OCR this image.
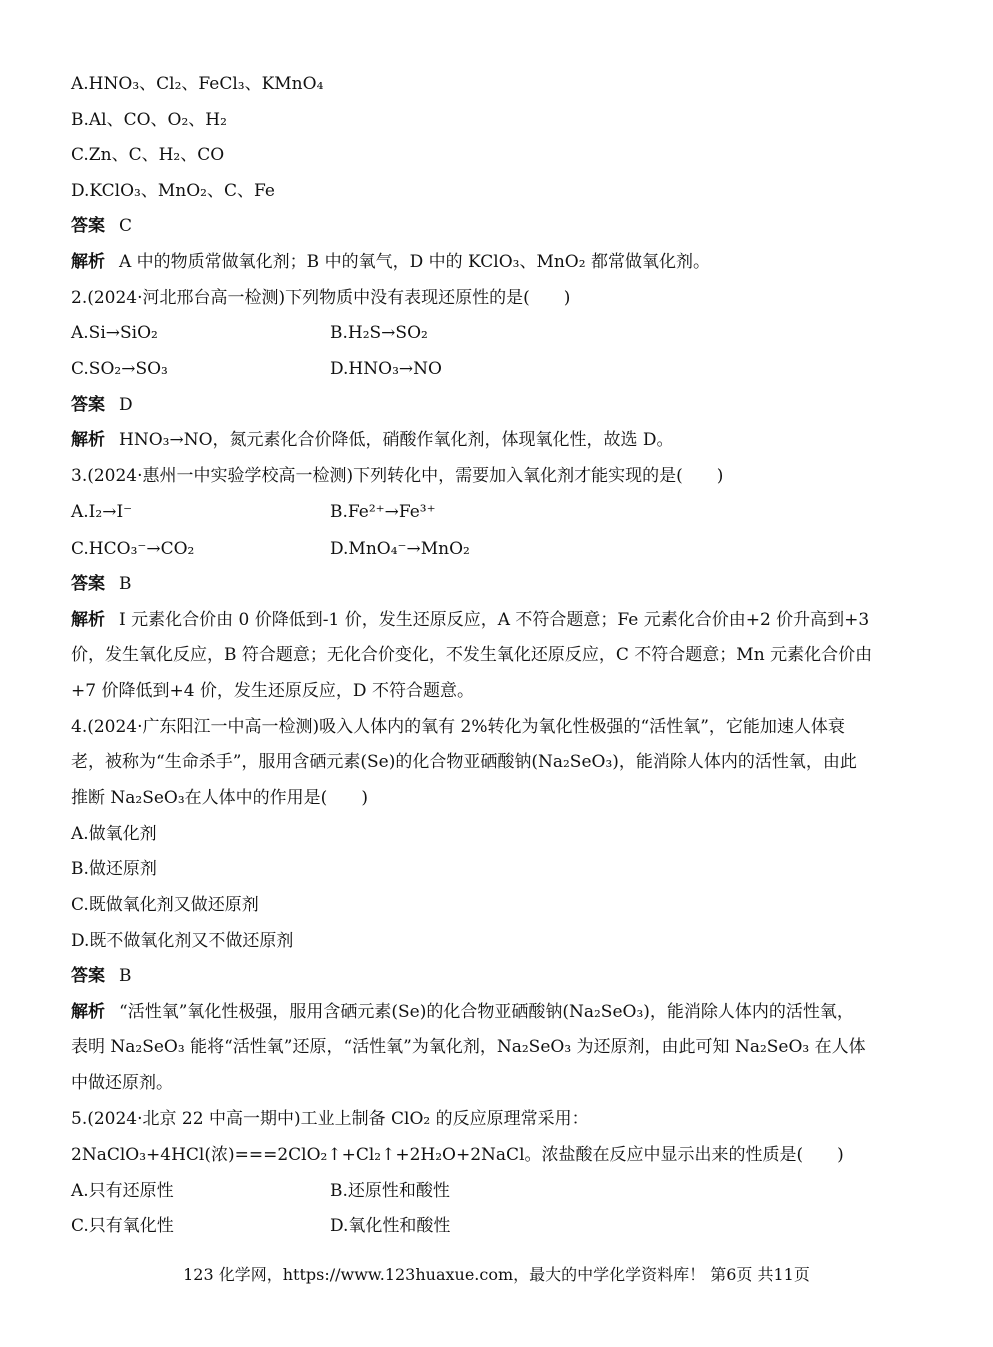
A.HNO₃、Cl₂、FeCl₃、KMnO₄
B.Al、CO、O₂、H₂
C.Zn、C、H₂、CO
D.KClO₃、MnO₂、C、Fe
答案 C
解析 A 中的物质常做氧化剂；B 中的氧气，D 中的 KClO₃、MnO₂ 都常做氧化剂。
2.(2024·河北邢台高一检测)下列物质中没有表现还原性的是(　　)
A.Si→SiO₂	B.H₂S→SO₂
C.SO₂→SO₃	D.HNO₃→NO
答案 D
解析 HNO₃→NO，氮元素化合价降低，硝酸作氧化剂，体现氧化性，故选 D。
3.(2024·惠州一中实验学校高一检测)下列转化中，需要加入氧化剂才能实现的是(　　)
A.I₂→I⁻	B.Fe²⁺→Fe³⁺
C.HCO₃⁻→CO₂	D.MnO₄⁻→MnO₂
答案 B
解析 I 元素化合价由 0 价降低到-1 价，发生还原反应，A 不符合题意；Fe 元素化合价由+2 价升高到+3
价，发生氧化反应，B 符合题意；无化合价变化，不发生氧化还原反应，C 不符合题意；Mn 元素化合价由
+7 价降低到+4 价，发生还原反应，D 不符合题意。
4.(2024·广东阳江一中高一检测)吸入人体内的氧有 2%转化为氧化性极强的“活性氧”，它能加速人体衰
老，被称为“生命杀手”，服用含硒元素(Se)的化合物亚硒酸钠(Na₂SeO₃)，能消除人体内的活性氧，由此
推断 Na₂SeO₃在人体中的作用是(　　)
A.做氧化剂
B.做还原剂
C.既做氧化剂又做还原剂
D.既不做氧化剂又不做还原剂
答案 B
解析 “活性氧”氧化性极强，服用含硒元素(Se)的化合物亚硒酸钠(Na₂SeO₃)，能消除人体内的活性氧，
表明 Na₂SeO₃ 能将“活性氧”还原，“活性氧”为氧化剂，Na₂SeO₃ 为还原剂，由此可知 Na₂SeO₃ 在人体
中做还原剂。
5.(2024·北京 22 中高一期中)工业上制备 ClO₂ 的反应原理常采用：
2NaClO₃+4HCl(浓)===2ClO₂↑+Cl₂↑+2H₂O+2NaCl。浓盐酸在反应中显示出来的性质是(　　)
A.只有还原性	B.还原性和酸性
C.只有氧化性	D.氧化性和酸性
123 化学网，https://www.123huaxue.com，最大的中学化学资料库！ 第6页 共11页
